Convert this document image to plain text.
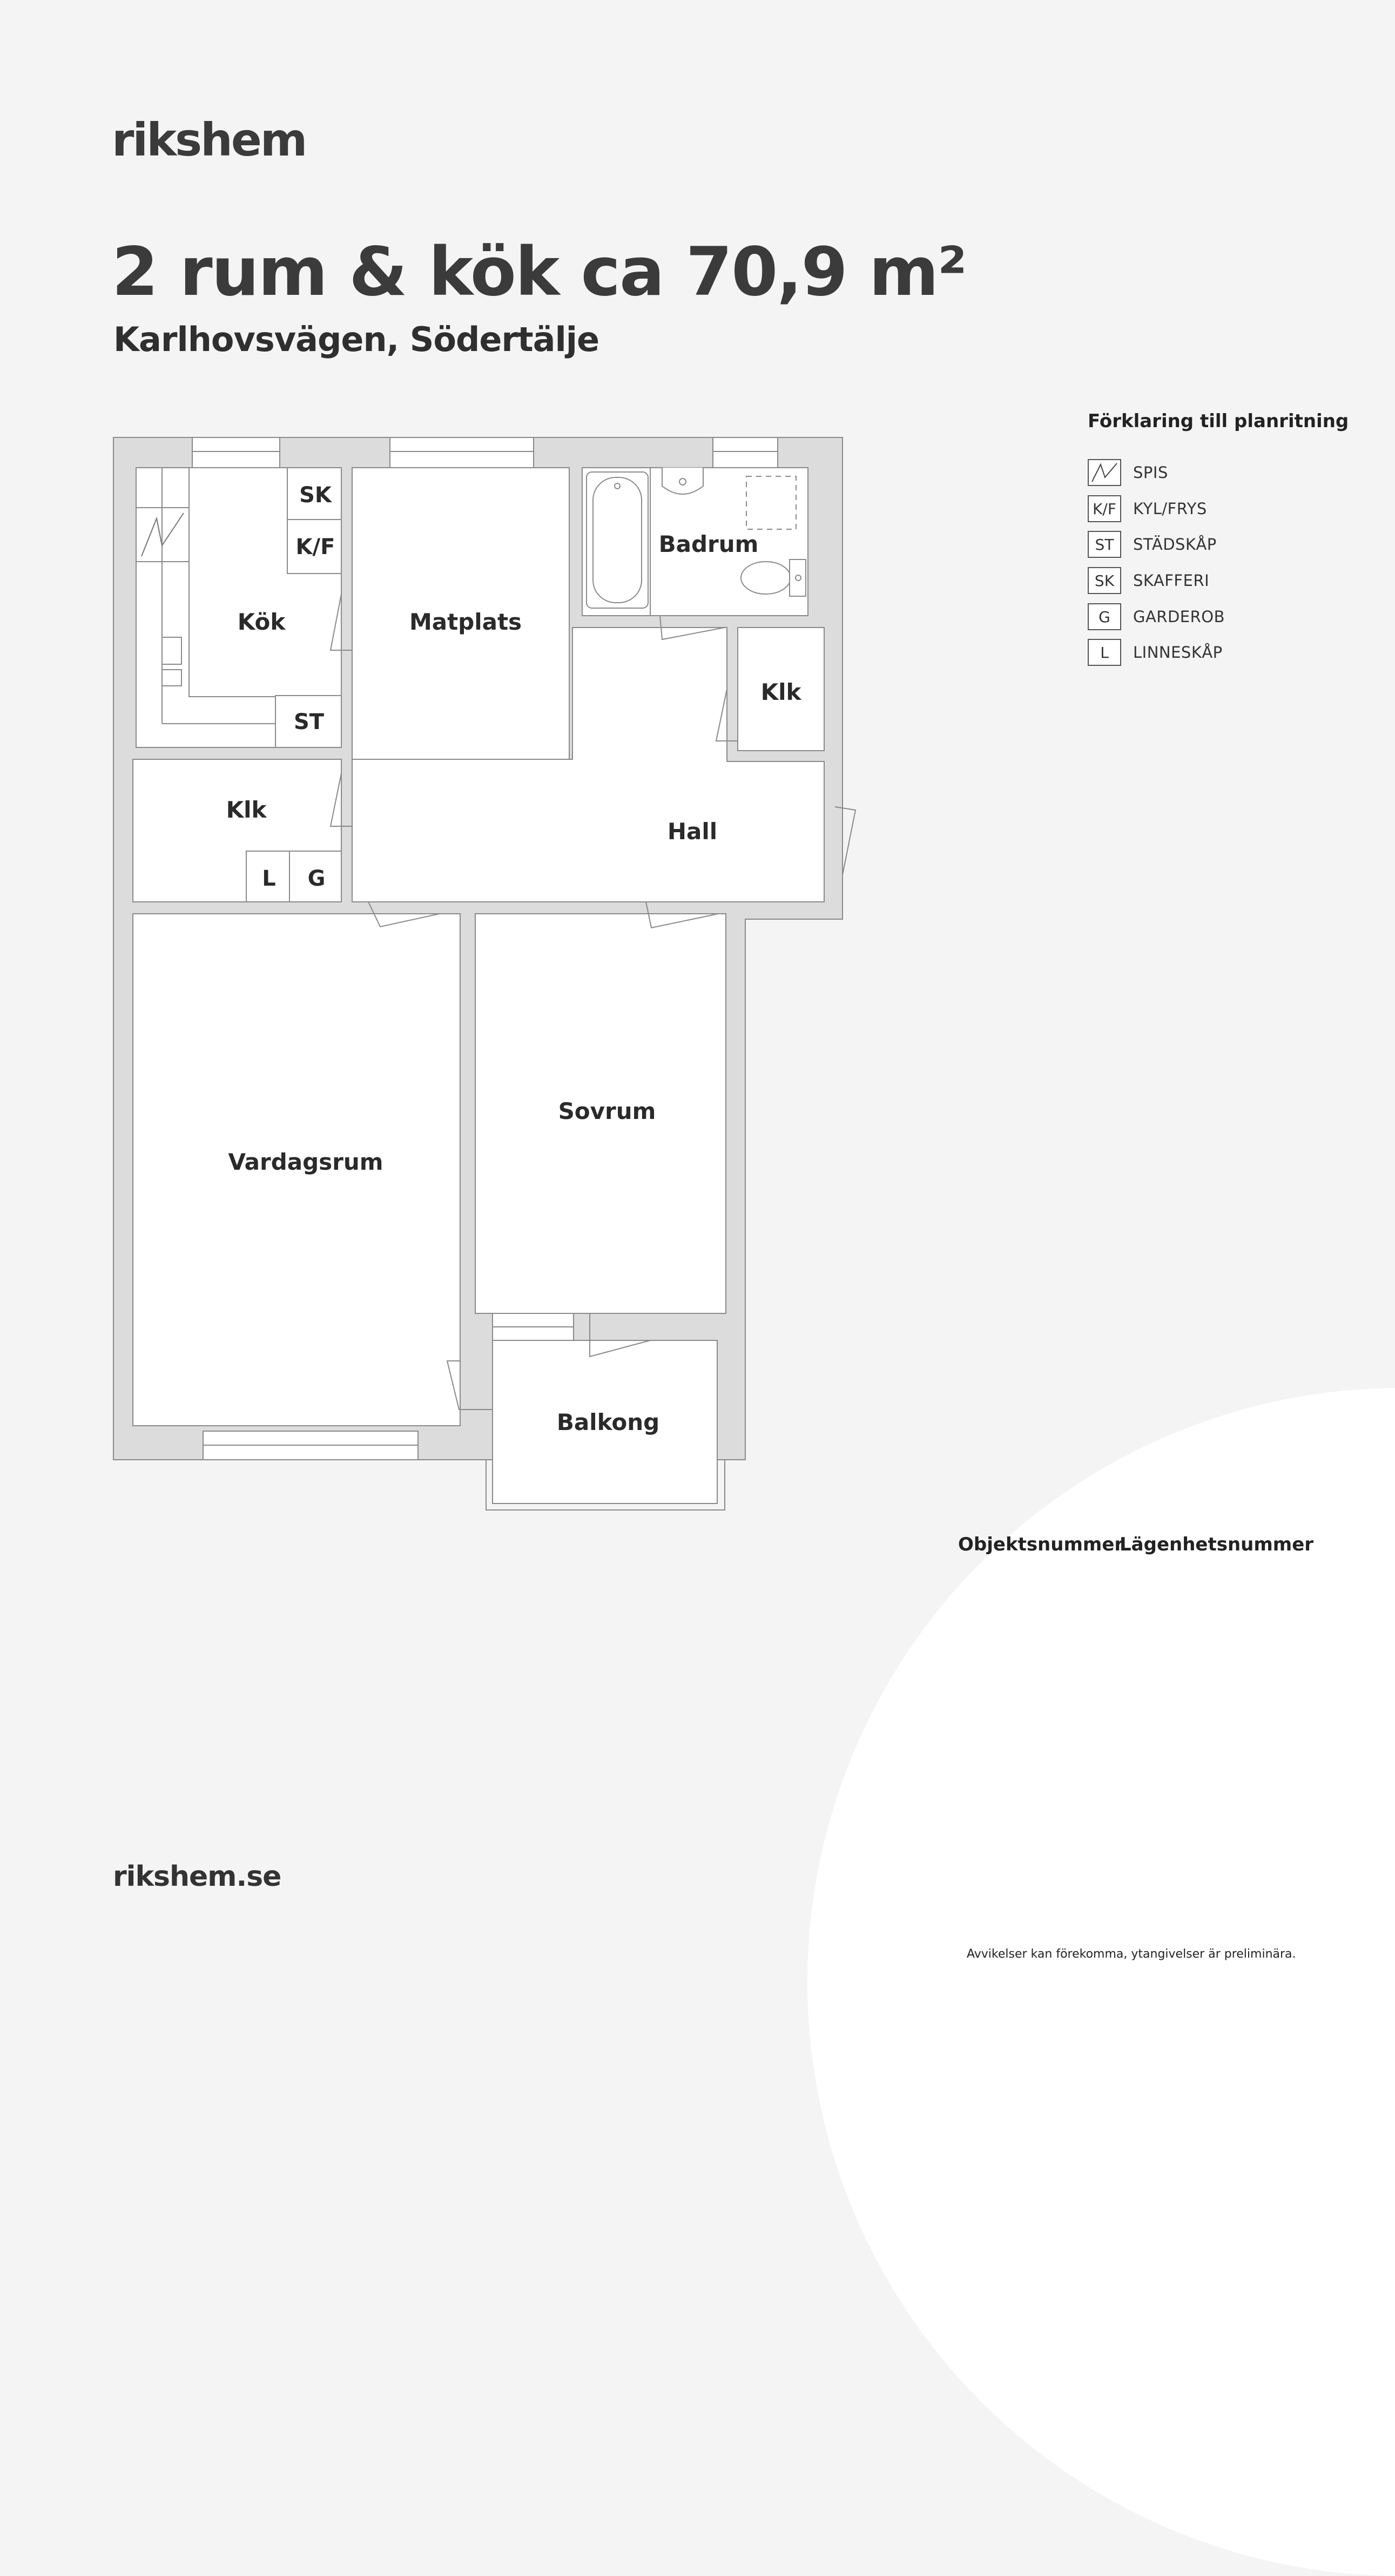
rikshem
2 rum & kök ca 70,9 m²
Karlhovsvägen, Södertälje
Förklaring till planritning
SPIS
K/F	KYL/FRYS
ST	STÄDSKÅP
SK	SKAFFERI
G	GARDEROB
L	LINNESKÅP
Kök	Matplats
Badrum
Klk
Klk
Hall
Vardagsrum
Sovrum
Balkong
SK
K/F
ST
L G
Objektsnummer
Lägenhetsnummer
rikshem.se
Avvikelser kan förekomma, ytangivelser är preliminära.
